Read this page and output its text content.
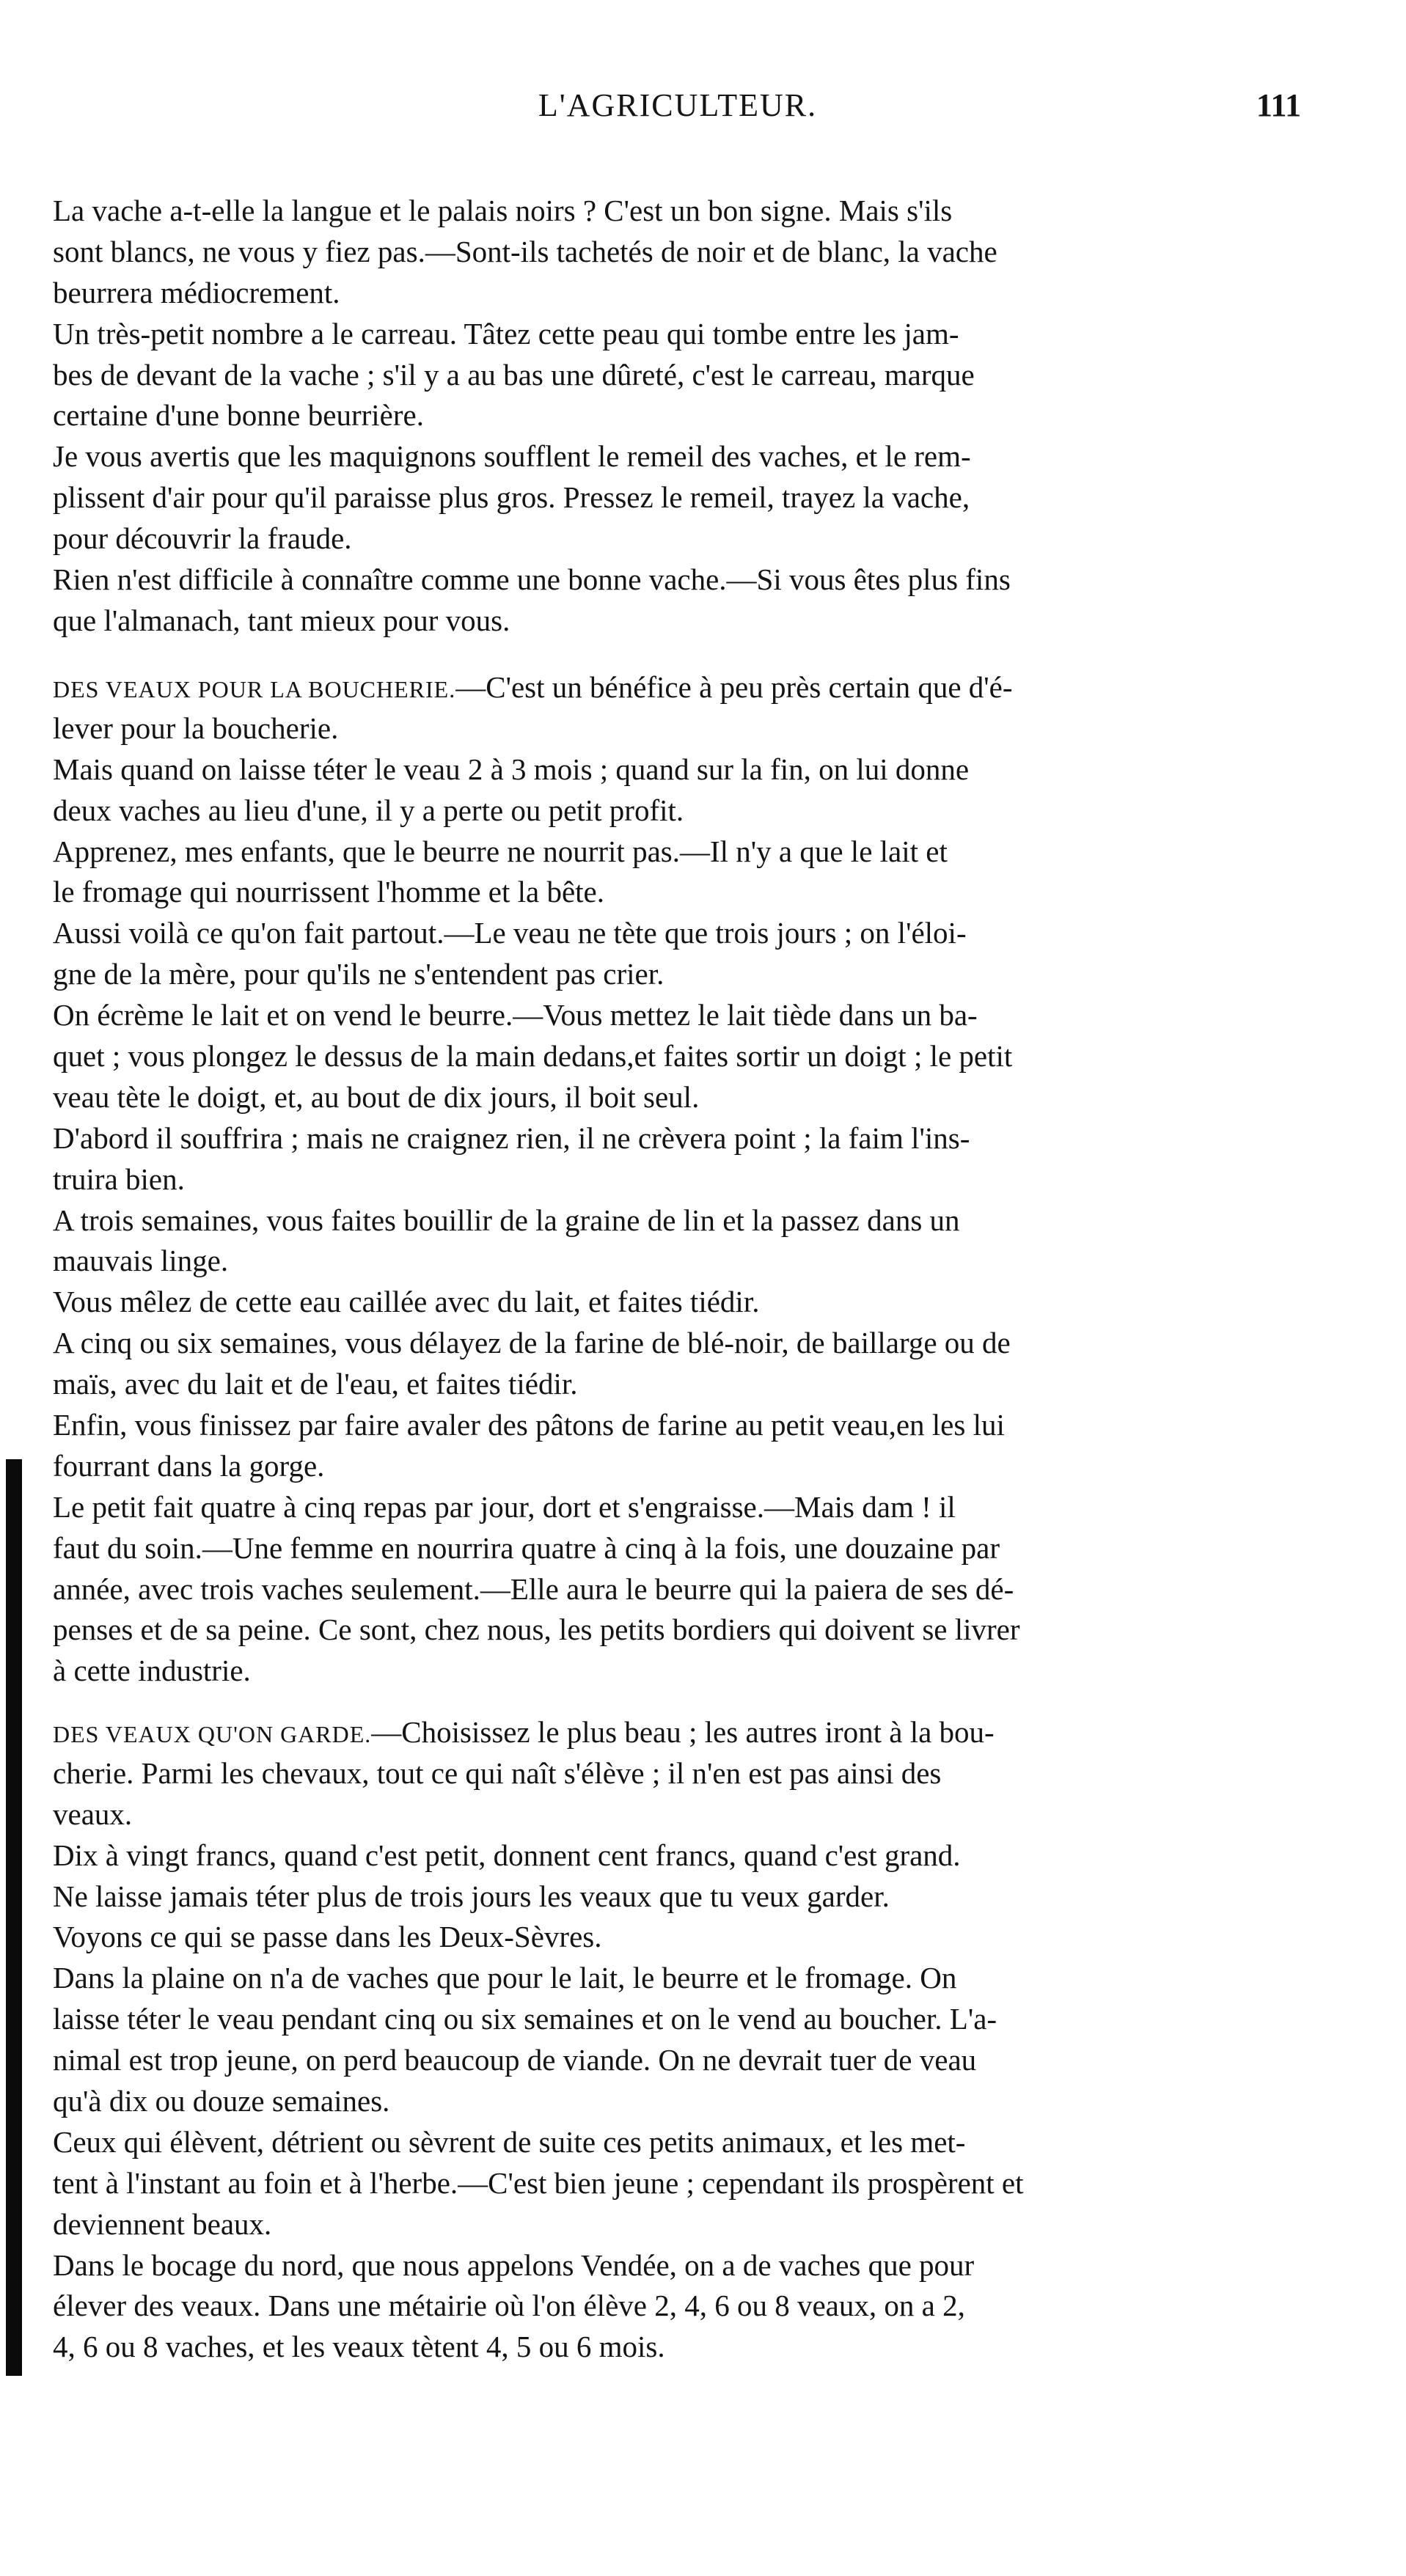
L'AGRICULTEUR.	111
La vache a-t-elle la langue et le palais noirs ? C'est un bon signe. Mais s'ils
sont blancs, ne vous y fiez pas.—Sont-ils tachetés de noir et de blanc, la vache
beurrera médiocrement.
Un très-petit nombre a le carreau. Tâtez cette peau qui tombe entre les jam-
bes de devant de la vache ; s'il y a au bas une dûreté, c'est le carreau, marque
certaine d'une bonne beurrière.
Je vous avertis que les maquignons soufflent le remeil des vaches, et le rem-
plissent d'air pour qu'il paraisse plus gros. Pressez le remeil, trayez la vache,
pour découvrir la fraude.
Rien n'est difficile à connaître comme une bonne vache.—Si vous êtes plus fins
que l'almanach, tant mieux pour vous.
DES VEAUX POUR LA BOUCHERIE.—C'est un bénéfice à peu près certain que d'é-
lever pour la boucherie.
Mais quand on laisse téter le veau 2 à 3 mois ; quand sur la fin, on lui donne
deux vaches au lieu d'une, il y a perte ou petit profit.
Apprenez, mes enfants, que le beurre ne nourrit pas.—Il n'y a que le lait et
le fromage qui nourrissent l'homme et la bête.
Aussi voilà ce qu'on fait partout.—Le veau ne tète que trois jours ; on l'éloi-
gne de la mère, pour qu'ils ne s'entendent pas crier.
On écrème le lait et on vend le beurre.—Vous mettez le lait tiède dans un ba-
quet ; vous plongez le dessus de la main dedans,et faites sortir un doigt ; le petit
veau tète le doigt, et, au bout de dix jours, il boit seul.
D'abord il souffrira ; mais ne craignez rien, il ne crèvera point ; la faim l'ins-
truira bien.
A trois semaines, vous faites bouillir de la graine de lin et la passez dans un
mauvais linge.
Vous mêlez de cette eau caillée avec du lait, et faites tiédir.
A cinq ou six semaines, vous délayez de la farine de blé-noir, de baillarge ou de
maïs, avec du lait et de l'eau, et faites tiédir.
Enfin, vous finissez par faire avaler des pâtons de farine au petit veau,en les lui
fourrant dans la gorge.
Le petit fait quatre à cinq repas par jour, dort et s'engraisse.—Mais dam ! il
faut du soin.—Une femme en nourrira quatre à cinq à la fois, une douzaine par
année, avec trois vaches seulement.—Elle aura le beurre qui la paiera de ses dé-
penses et de sa peine. Ce sont, chez nous, les petits bordiers qui doivent se livrer
à cette industrie.
DES VEAUX QU'ON GARDE.—Choisissez le plus beau ; les autres iront à la bou-
cherie. Parmi les chevaux, tout ce qui naît s'élève ; il n'en est pas ainsi des
veaux.
Dix à vingt francs, quand c'est petit, donnent cent francs, quand c'est grand.
Ne laisse jamais téter plus de trois jours les veaux que tu veux garder.
Voyons ce qui se passe dans les Deux-Sèvres.
Dans la plaine on n'a de vaches que pour le lait, le beurre et le fromage. On
laisse téter le veau pendant cinq ou six semaines et on le vend au boucher. L'a-
nimal est trop jeune, on perd beaucoup de viande. On ne devrait tuer de veau
qu'à dix ou douze semaines.
Ceux qui élèvent, détrient ou sèvrent de suite ces petits animaux, et les met-
tent à l'instant au foin et à l'herbe.—C'est bien jeune ; cependant ils prospèrent et
deviennent beaux.
Dans le bocage du nord, que nous appelons Vendée, on a de vaches que pour
élever des veaux. Dans une métairie où l'on élève 2, 4, 6 ou 8 veaux, on a 2,
4, 6 ou 8 vaches, et les veaux tètent 4, 5 ou 6 mois.
